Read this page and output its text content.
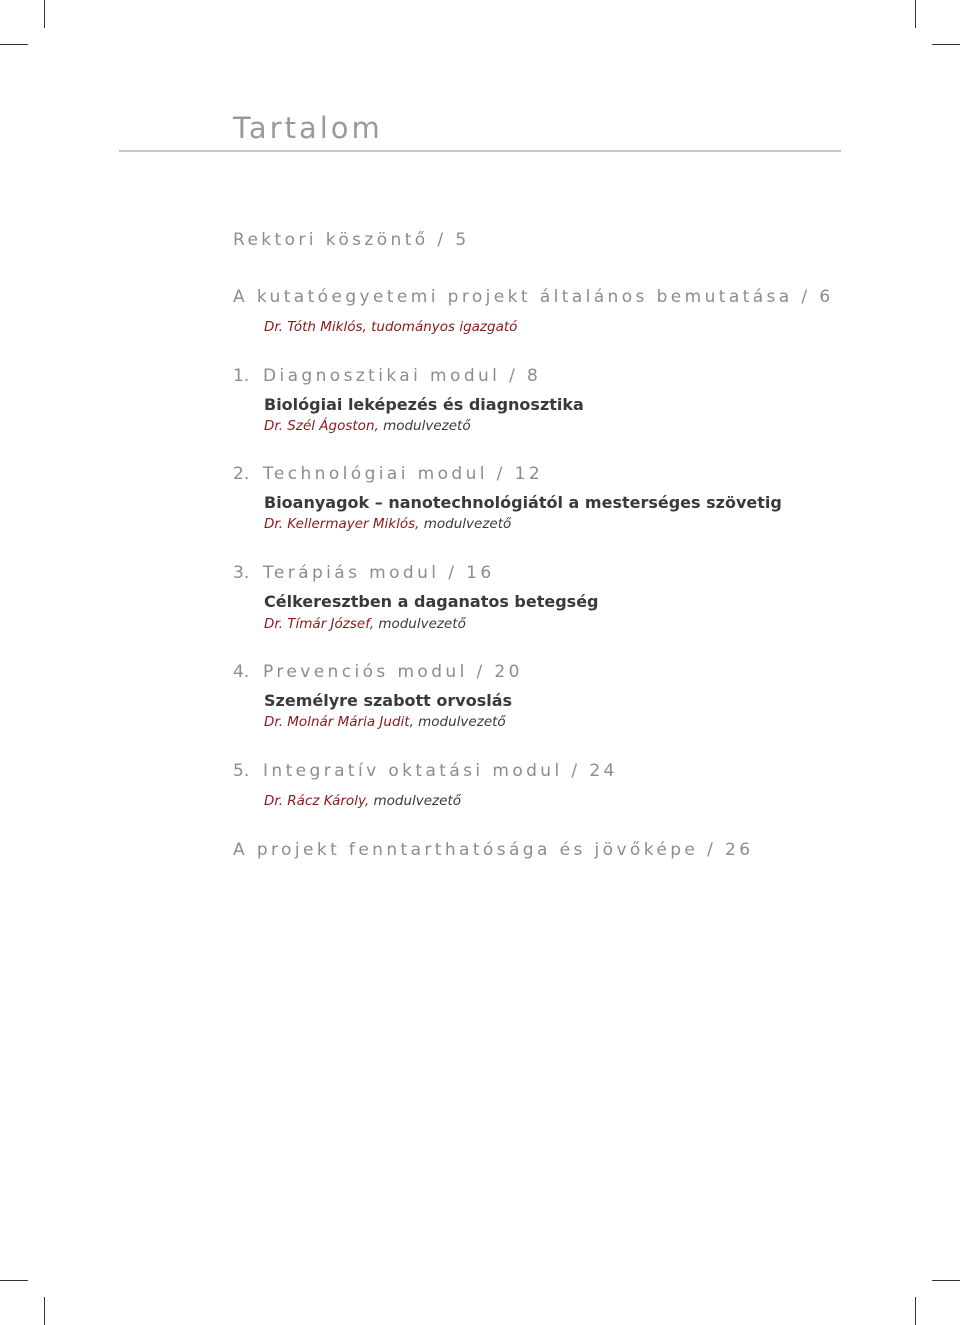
Tartalom
Rektori köszöntő / 5
A kutatóegyetemi projekt általános bemutatása / 6
Dr. Tóth Miklós, tudományos igazgató
1. Diagnosztikai modul / 8
Biológiai leképezés és diagnosztika
Dr. Szél Ágoston, modulvezető
2. Technológiai modul / 12
Bioanyagok – nanotechnológiától a mesterséges szövetig
Dr. Kellermayer Miklós, modulvezető
3. Terápiás modul / 16
Célkeresztben a daganatos betegség
Dr. Tímár József, modulvezető
4. Prevenciós modul / 20
Személyre szabott orvoslás
Dr. Molnár Mária Judit, modulvezető
5. Integratív oktatási modul / 24
Dr. Rácz Károly, modulvezető
A projekt fenntarthatósága és jövőképe / 26
